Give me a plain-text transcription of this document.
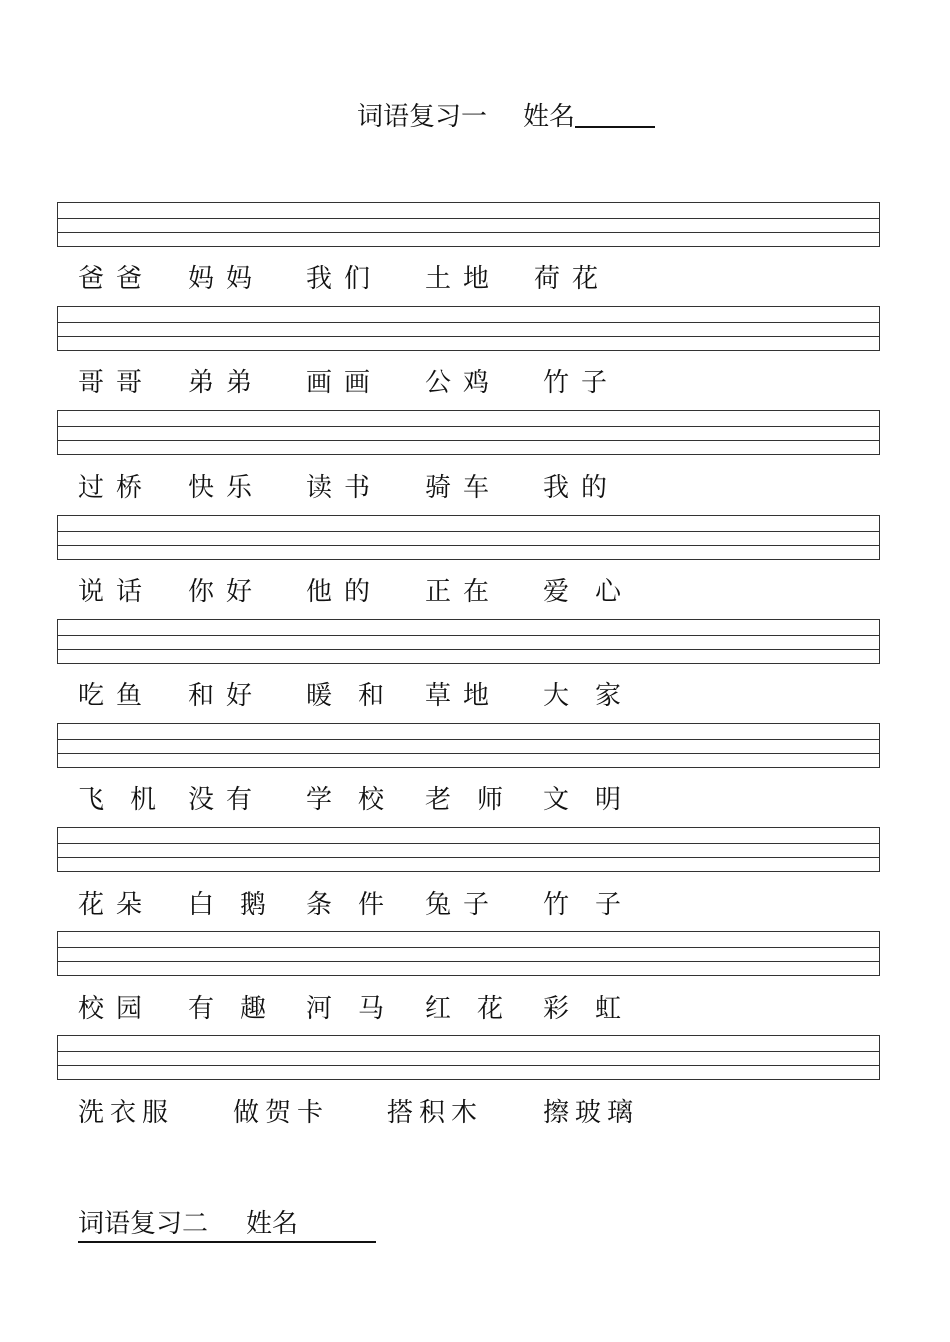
词语复习一 姓名
爸爸 妈妈 我们 土地 荷花
哥哥 弟弟 画画 公鸡 竹子
过桥 快乐 读书 骑车 我的
说话 你好 他的 正在 爱心
吃鱼 和好 暖和 草地 大家
飞机 没有 学校 老师 文明
花朵 白鹅 条件 兔子 竹子
校园 有趣 河马 红花 彩虹
洗衣服 做贺卡 搭积木 擦玻璃
词语复习二 姓名
